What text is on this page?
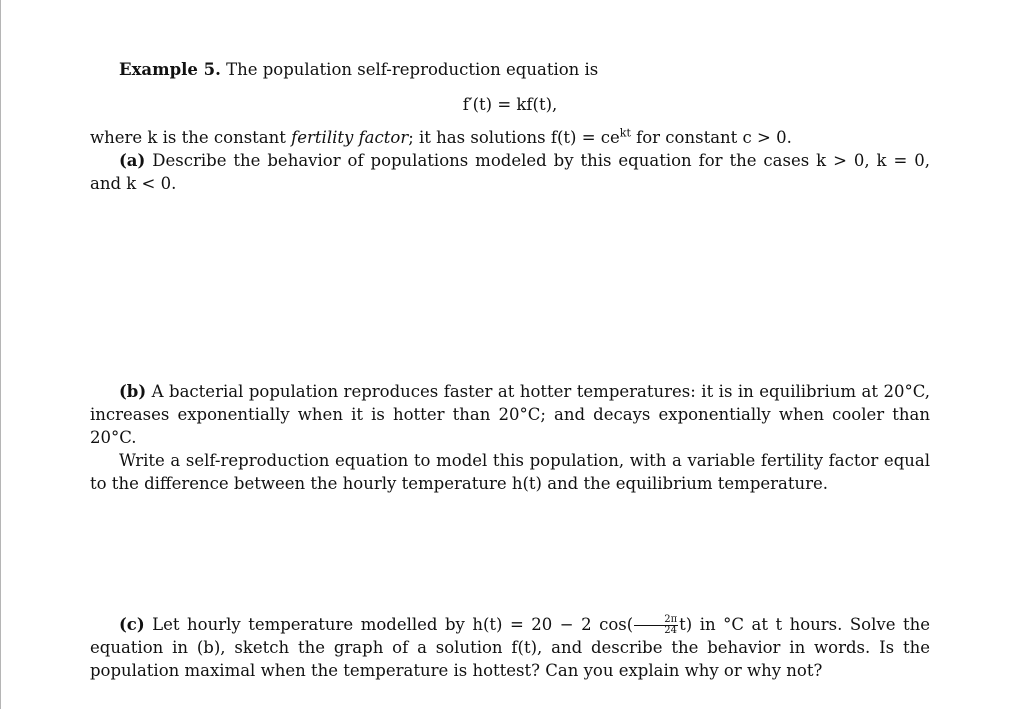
Example 5. The population self-reproduction equation is

f′(t) = kf(t),

where k is the constant fertility factor; it has solutions $f(t) = ce^{kt}$ for constant c > 0.

(a) Describe the behavior of populations modeled by this equation for the cases k > 0, k = 0, and k < 0.

(b) A bacterial population reproduces faster at hotter temperatures: it is in equilibrium at 20°C, increases exponentially when it is hotter than 20°C; and decays exponentially when cooler than 20°C.

Write a self-reproduction equation to model this population, with a variable fertility factor equal to the difference between the hourly temperature h(t) and the equilibrium temperature.

(c) Let hourly temperature modelled by h(t) = 20 − 2 $\cos( \frac{2\pi}{24} t)$ in °C at t hours. Solve the equation in (b), sketch the graph of a solution f(t), and describe the behavior in words. Is the population maximal when the temperature is hottest? Can you explain why or why not?
